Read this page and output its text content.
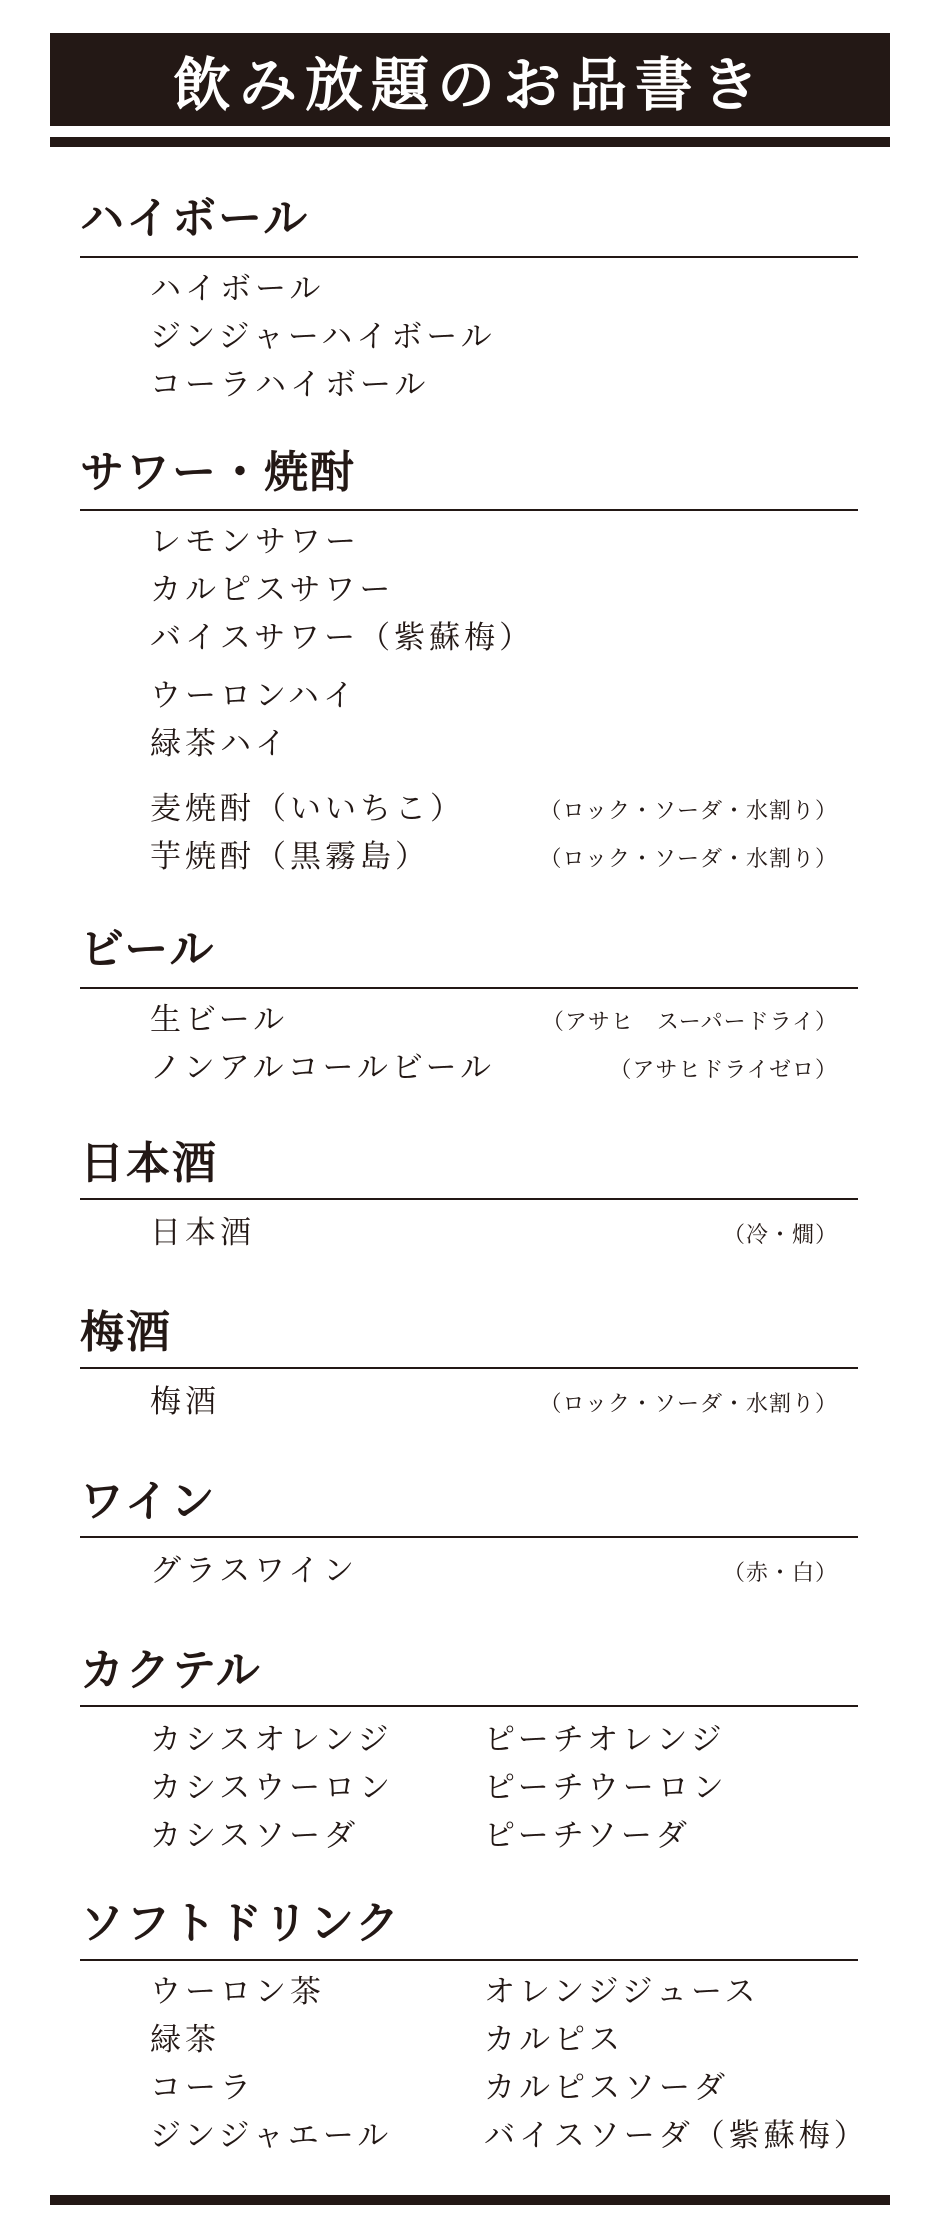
飲み放題のお品書き
ハイボール
ハイボール
ジンジャーハイボール
コーラハイボール
サワー・焼酎
レモンサワー
カルピスサワー
バイスサワー（紫蘇梅）
ウーロンハイ
緑茶ハイ
麦焼酎（いいちこ）	（ロック・ソーダ・水割り）
芋焼酎（黒霧島）	（ロック・ソーダ・水割り）
ビール
生ビール	（アサヒ　スーパードライ）
ノンアルコールビール	（アサヒドライゼロ）
日本酒
日本酒	（冷・燗）
梅酒
梅酒	（ロック・ソーダ・水割り）
ワイン
グラスワイン	（赤・白）
カクテル
カシスオレンジ	ピーチオレンジ
カシスウーロン	ピーチウーロン
カシスソーダ	ピーチソーダ
ソフトドリンク
ウーロン茶	オレンジジュース
緑茶	カルピス
コーラ	カルピスソーダ
ジンジャエール	バイスソーダ（紫蘇梅）
